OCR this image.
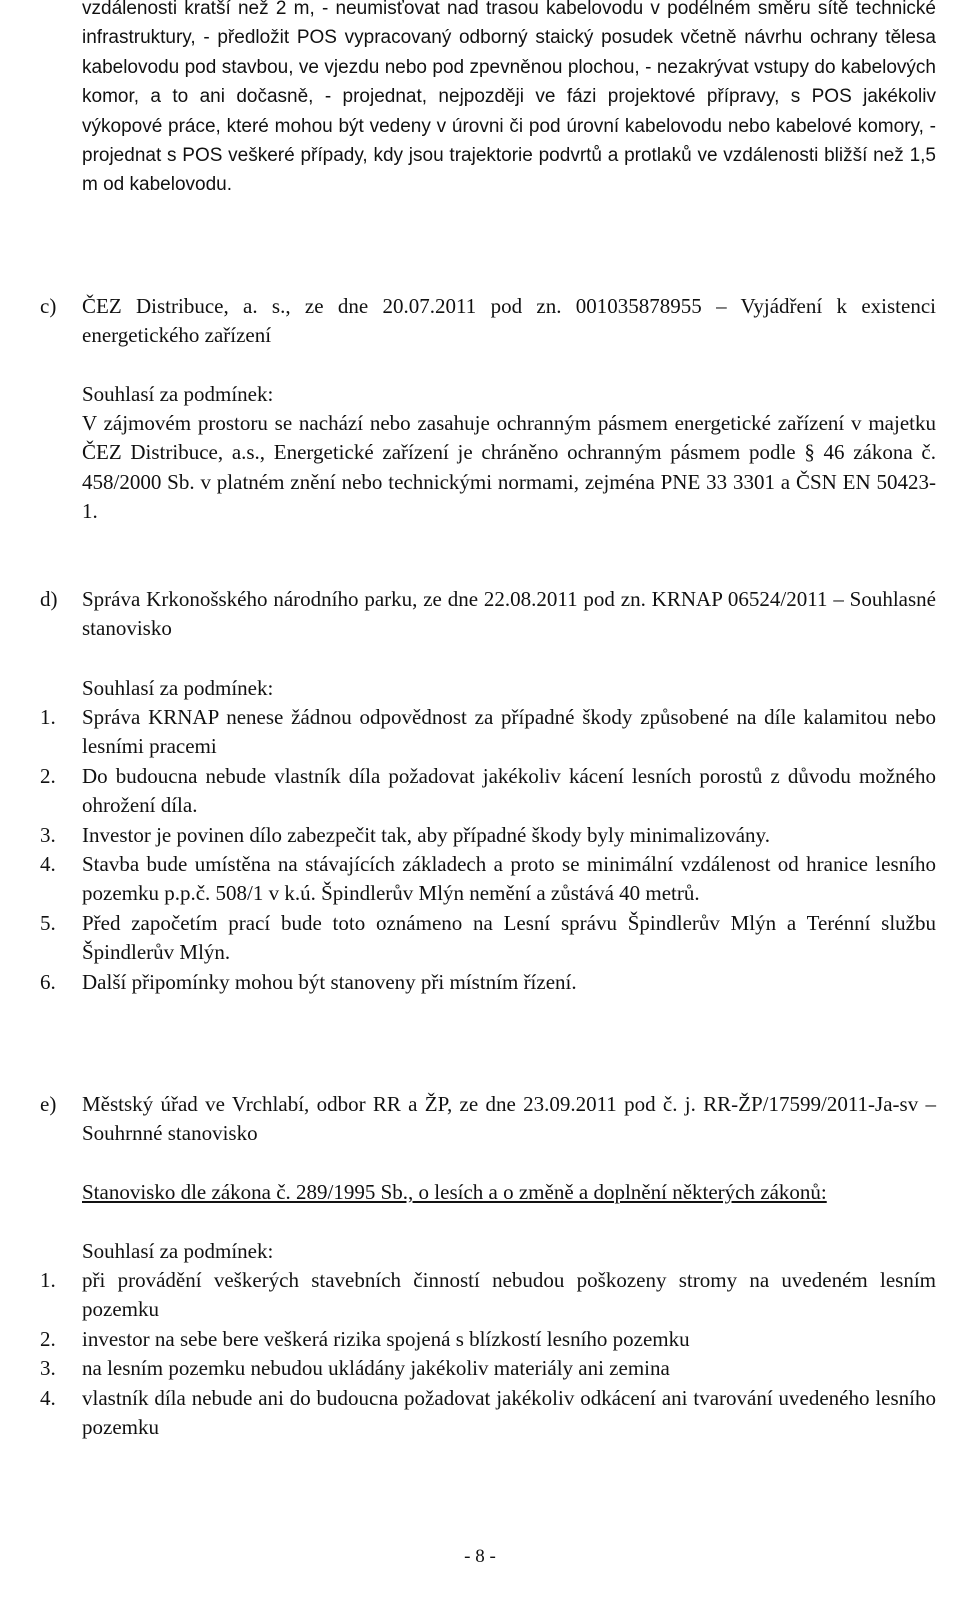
vzdálenosti kratší než 2 m, - neumisťovat nad trasou kabelovodu v podélném směru sítě technické infrastruktury, - předložit POS vypracovaný odborný staický posudek včetně návrhu ochrany tělesa kabelovodu pod stavbou, ve vjezdu nebo pod zpevněnou plochou, - nezakrývat vstupy do kabelových komor, a to ani dočasně, - projednat, nejpozději ve fázi projektové přípravy, s POS jakékoliv výkopové práce, které mohou být vedeny v úrovni či pod úrovní kabelovodu nebo kabelové komory, - projednat s POS veškeré případy, kdy jsou trajektorie podvrtů a protlaků ve vzdálenosti bližší než 1,5 m od kabelovodu.

c) ČEZ Distribuce, a. s., ze dne 20.07.2011 pod zn. 001035878955 – Vyjádření k existenci energetického zařízení

Souhlasí za podmínek:

V zájmovém prostoru se nachází nebo zasahuje ochranným pásmem energetické zařízení v majetku ČEZ Distribuce, a.s., Energetické zařízení je chráněno ochranným pásmem podle § 46 zákona č. 458/2000 Sb. v platném znění nebo technickými normami, zejména PNE 33 3301 a ČSN EN 50423-1.

d) Správa Krkonošského národního parku, ze dne 22.08.2011 pod zn. KRNAP 06524/2011 – Souhlasné stanovisko

Souhlasí za podmínek:

1. Správa KRNAP nenese žádnou odpovědnost za případné škody způsobené na díle kalamitou nebo lesními pracemi
2. Do budoucna nebude vlastník díla požadovat jakékoliv kácení lesních porostů z důvodu možného ohrožení díla.
3. Investor je povinen dílo zabezpečit tak, aby případné škody byly minimalizovány.
4. Stavba bude umístěna na stávajících základech a proto se minimální vzdálenost od hranice lesního pozemku p.p.č. 508/1 v k.ú. Špindlerův Mlýn nemění a zůstává 40 metrů.
5. Před započetím prací bude toto oznámeno na Lesní správu Špindlerův Mlýn a Terénní službu Špindlerův Mlýn.
6. Další připomínky mohou být stanoveny při místním řízení.
e) Městský úřad ve Vrchlabí, odbor RR a ŽP, ze dne 23.09.2011 pod č. j. RR-ŽP/17599/2011-Ja-sv – Souhrnné stanovisko

Stanovisko dle zákona č. 289/1995 Sb., o lesích a o změně a doplnění některých zákonů:

Souhlasí za podmínek:

1. při provádění veškerých stavebních činností nebudou poškozeny stromy na uvedeném lesním pozemku
2. investor na sebe bere veškerá rizika spojená s blízkostí lesního pozemku
3. na lesním pozemku nebudou ukládány jakékoliv materiály ani zemina
4. vlastník díla nebude ani do budoucna požadovat jakékoliv odkácení ani tvarování uvedeného lesního pozemku
- 8 -
